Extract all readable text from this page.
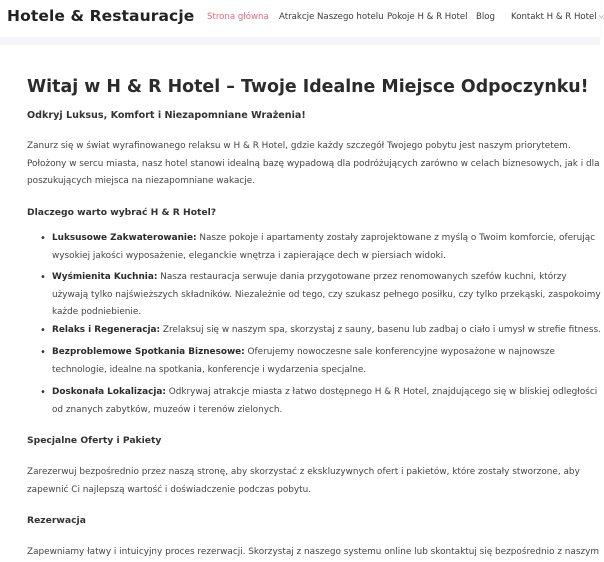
Hotele & Restauracje Strona główna Atrakcje Naszego hotelu Pokoje H & R Hotel Blog Kontakt H & R Hotel ⌵
Witaj w H & R Hotel – Twoje Idealne Miejsce Odpoczynku!
Odkryj Luksus, Komfort i Niezapomniane Wrażenia!
Zanurz się w świat wyrafinowanego relaksu w H & R Hotel, gdzie każdy szczegół Twojego pobytu jest naszym priorytetem.
Położony w sercu miasta, nasz hotel stanowi idealną bazę wypadową dla podróżujących zarówno w celach biznesowych, jak i dla
poszukujących miejsca na niezapomniane wakacje.
Dlaczego warto wybrać H & R Hotel?
• Luksusowe Zakwaterowanie: Nasze pokoje i apartamenty zostały zaprojektowane z myślą o Twoim komforcie, oferując
wysokiej jakości wyposażenie, eleganckie wnętrza i zapierające dech w piersiach widoki.
• Wyśmienita Kuchnia: Nasza restauracja serwuje dania przygotowane przez renomowanych szefów kuchni, którzy
używają tylko najświeższych składników. Niezależnie od tego, czy szukasz pełnego posiłku, czy tylko przekąski, zaspokoimy
każde podniebienie.
• Relaks i Regeneracja: Zrelaksuj się w naszym spa, skorzystaj z sauny, basenu lub zadbaj o ciało i umysł w strefie fitness.
• Bezproblemowe Spotkania Biznesowe: Oferujemy nowoczesne sale konferencyjne wyposażone w najnowsze
technologie, idealne na spotkania, konferencje i wydarzenia specjalne.
• Doskonała Lokalizacja: Odkrywaj atrakcje miasta z łatwo dostępnego H & R Hotel, znajdującego się w bliskiej odległości
od znanych zabytków, muzeów i terenów zielonych.
Specjalne Oferty i Pakiety
Zarezerwuj bezpośrednio przez naszą stronę, aby skorzystać z ekskluzywnych ofert i pakietów, które zostały stworzone, aby
zapewnić Ci najlepszą wartość i doświadczenie podczas pobytu.
Rezerwacja
Zapewniamy łatwy i intuicyjny proces rezerwacji. Skorzystaj z naszego systemu online lub skontaktuj się bezpośrednio z naszym
